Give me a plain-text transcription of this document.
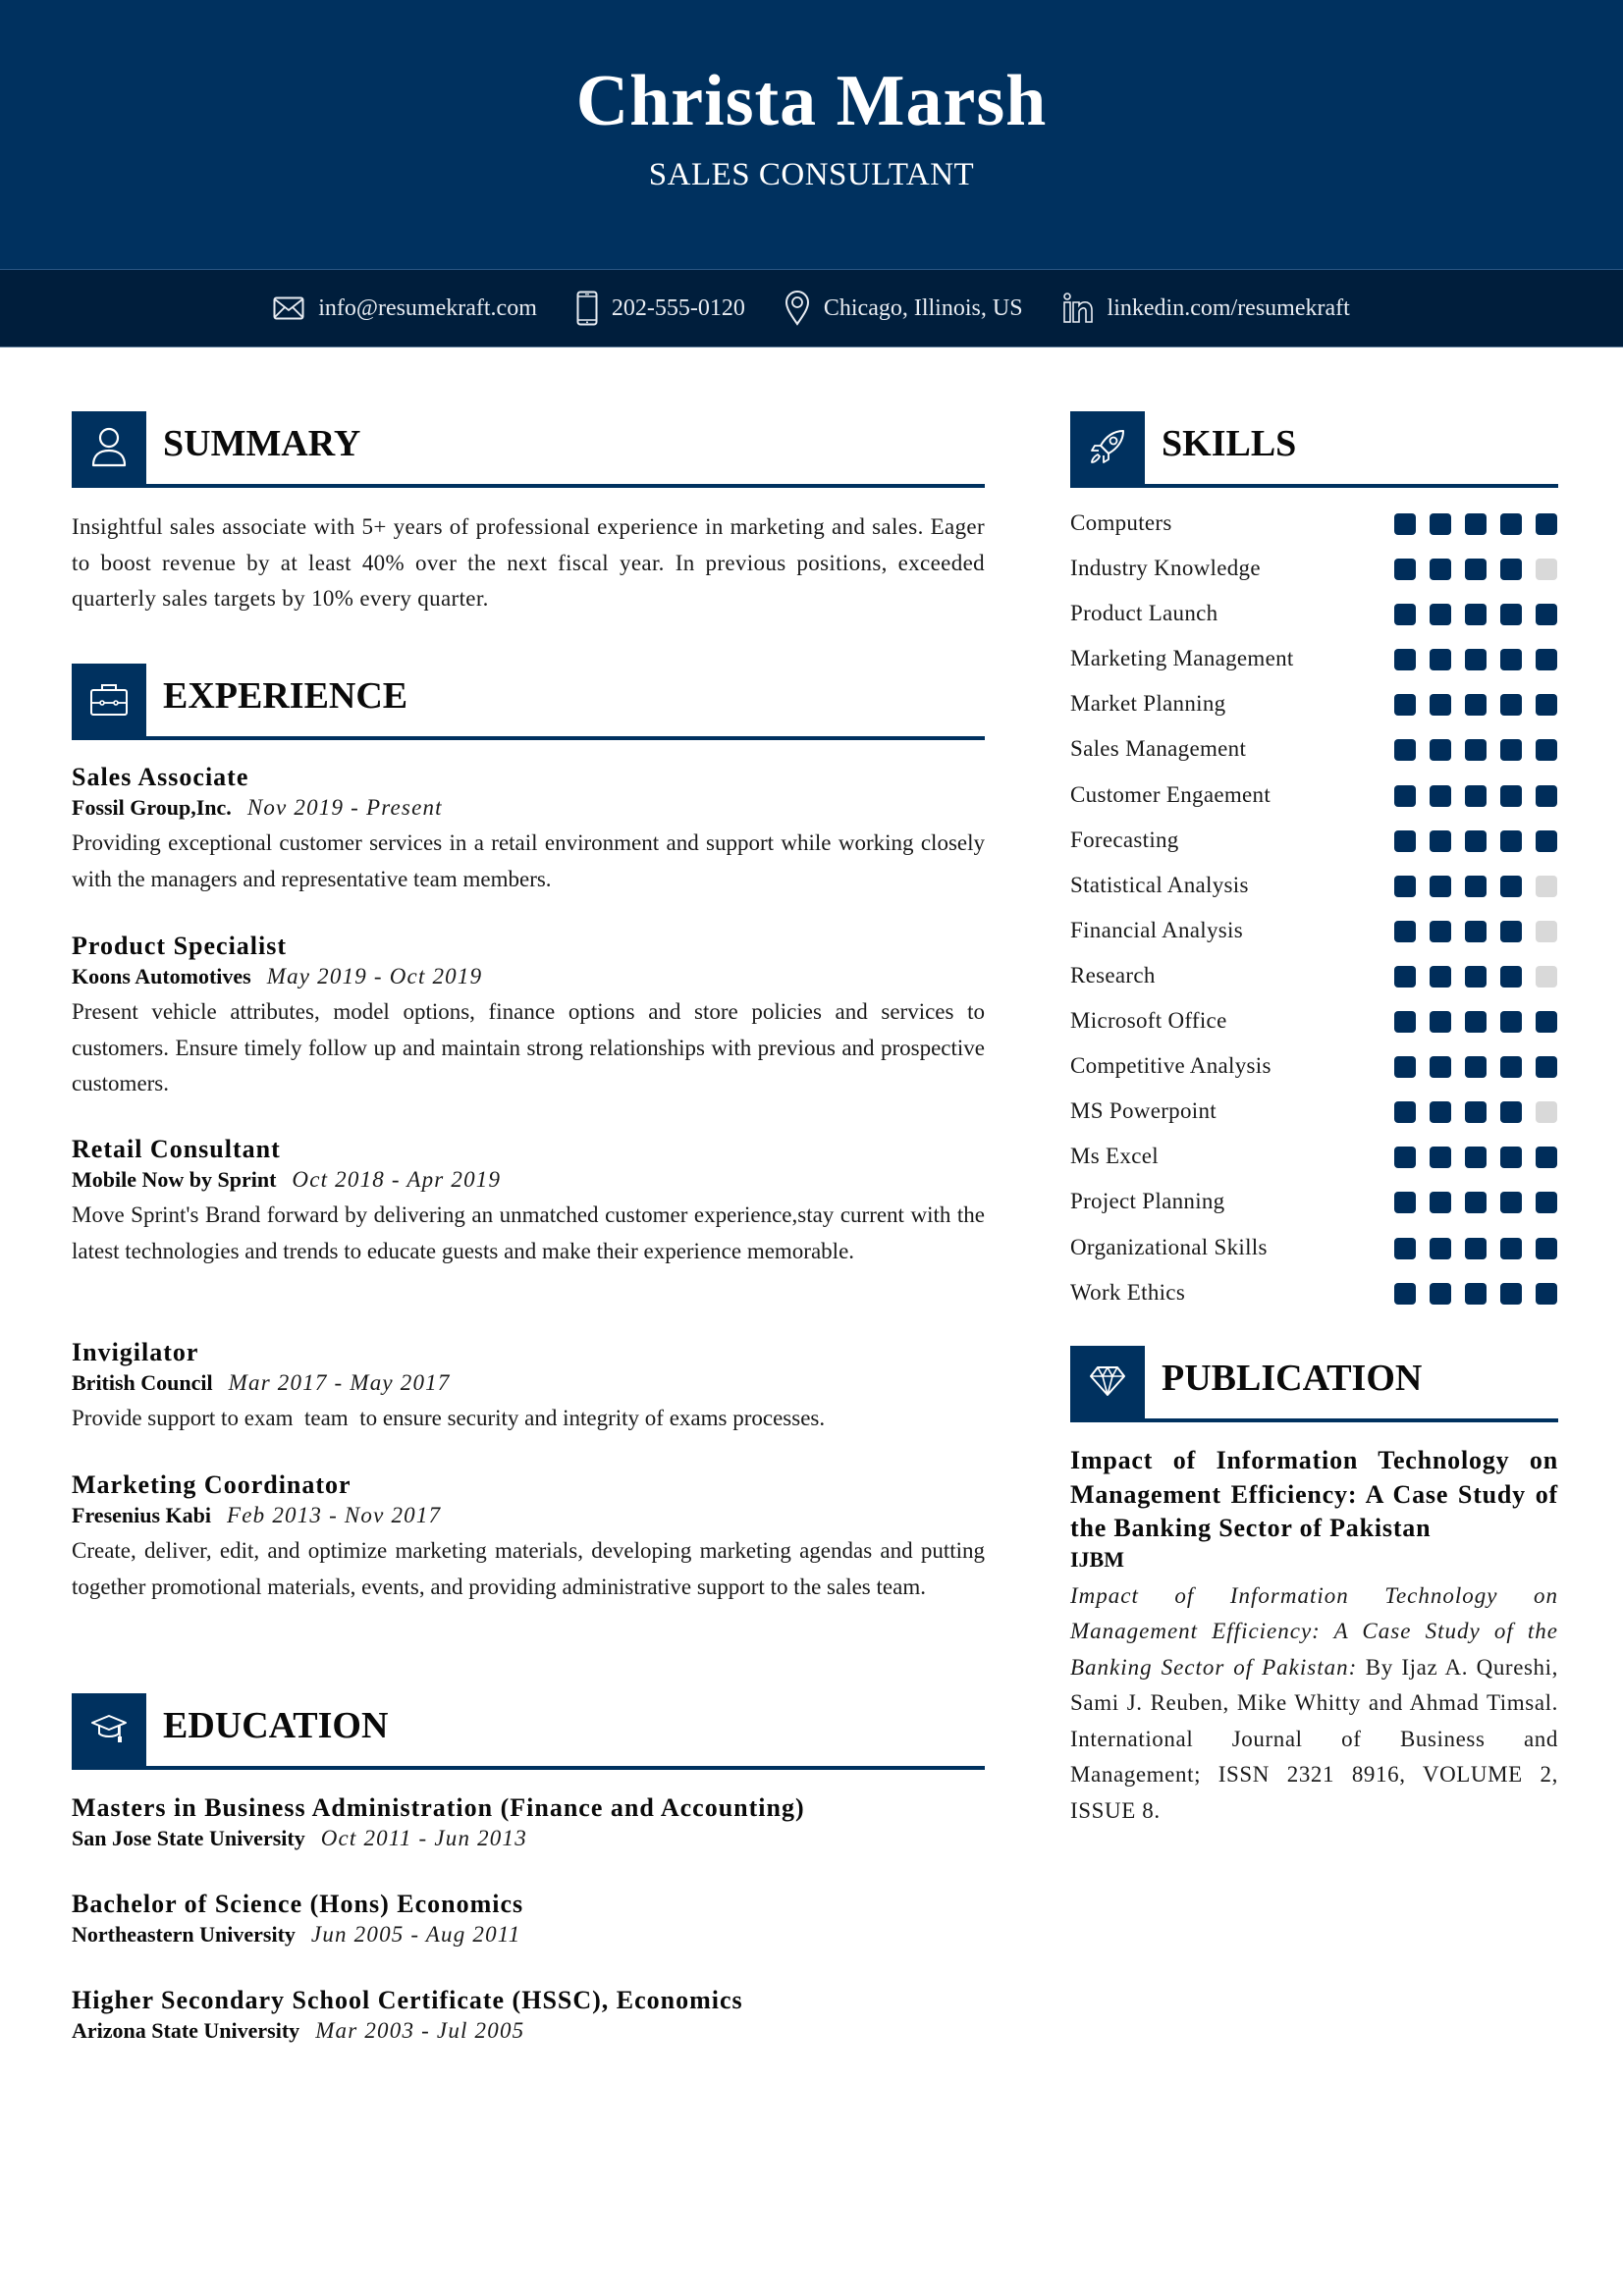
Christa Marsh
SALES CONSULTANT
info@resumekraft.com	202-555-0120	Chicago, Illinois, US	linkedin.com/resumekraft
SUMMARY
Insightful sales associate with 5+ years of professional experience in marketing and sales. Eager to boost revenue by at least 40% over the next fiscal year. In previous positions, exceeded quarterly sales targets by 10% every quarter.
EXPERIENCE
Sales Associate
Fossil Group,Inc. Nov 2019 - Present
Providing exceptional customer services in a retail environment and support while working closely with the managers and representative team members.
Product Specialist
Koons Automotives May 2019 - Oct 2019
Present vehicle attributes, model options, finance options and store policies and services to customers. Ensure timely follow up and maintain strong relationships with previous and prospective customers.
Retail Consultant
Mobile Now by Sprint Oct 2018 - Apr 2019
Move Sprint's Brand forward by delivering an unmatched customer experience,stay current with the latest technologies and trends to educate guests and make their experience memorable.
Invigilator
British Council Mar 2017 - May 2017
Provide support to exam  team  to ensure security and integrity of exams processes.
Marketing Coordinator
Fresenius Kabi Feb 2013 - Nov 2017
Create, deliver, edit, and optimize marketing materials, developing marketing agendas and putting together promotional materials, events, and providing administrative support to the sales team.
EDUCATION
Masters in Business Administration (Finance and Accounting)
San Jose State University Oct 2011 - Jun 2013
Bachelor of Science (Hons) Economics
Northeastern University Jun 2005 - Aug 2011
Higher Secondary School Certificate (HSSC), Economics
Arizona State University Mar 2003 - Jul 2005
SKILLS
Computers
Industry Knowledge
Product Launch
Marketing Management
Market Planning
Sales Management
Customer Engaement
Forecasting
Statistical Analysis
Financial Analysis
Research
Microsoft Office
Competitive Analysis
MS Powerpoint
Ms Excel
Project Planning
Organizational Skills
Work Ethics
PUBLICATION
Impact of Information Technology on Management Efficiency: A Case Study of the Banking Sector of Pakistan
IJBM
Impact of Information Technology on Management Efficiency: A Case Study of the Banking Sector of Pakistan: By Ijaz A. Qureshi, Sami J. Reuben, Mike Whitty and Ahmad Timsal. International Journal of Business and Management; ISSN 2321 8916, VOLUME 2, ISSUE 8.
